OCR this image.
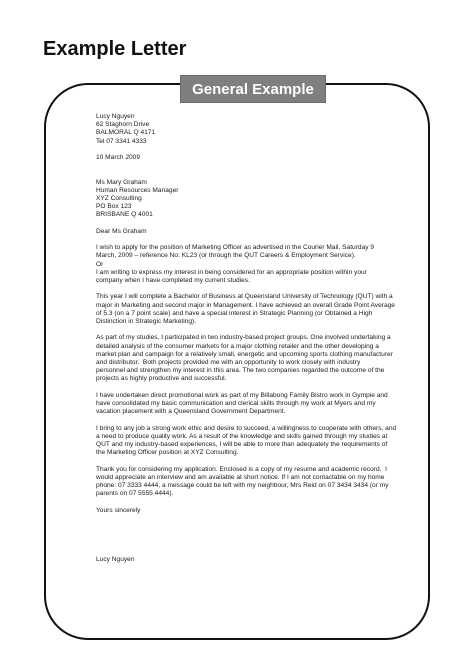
Example Letter
General Example
Lucy Nguyen
62 Staghorn Drive
BALMORAL Q 4171
Tel 07 3341 4333
10 March 2009
Ms Mary Graham
Human Resources Manager
XYZ Consulting
PO Box 123
BRISBANE Q 4001
Dear Ms Graham
I wish to apply for the position of Marketing Officer as advertised in the Courier Mail, Saturday 9
March, 2009 – reference No: KL23 (or through the QUT Careers & Employment Service).
Or
I am writing to express my interest in being considered for an appropriate position within your
company when I have completed my current studies.
This year I will complete a Bachelor of Business at Queensland University of Technology (QUT) with a
major in Marketing and second major in Management. I have achieved an overall Grade Point Average
of 5.3 (on a 7 point scale) and have a special interest in Strategic Planning (or Obtained a High
Distinction in Strategic Marketing).
As part of my studies, I participated in two industry-based project groups. One involved undertaking a
detailed analysis of the consumer markets for a major clothing retailer and the other developing a
market plan and campaign for a relatively small, energetic and upcoming sports clothing manufacturer
and distributor.  Both projects provided me with an opportunity to work closely with industry
personnel and strengthen my interest in this area. The two companies regarded the outcome of the
projects as highly productive and successful.
I have undertaken direct promotional work as part of my Billabong Family Bistro work in Gympie and
have consolidated my basic communication and clerical skills through my work at Myers and my
vacation placement with a Queensland Government Department.
I bring to any job a strong work ethic and desire to succeed, a willingness to cooperate with others, and
a need to produce quality work. As a result of the knowledge and skills gained through my studies at
QUT and my industry-based experiences, I will be able to more than adequately the requirements of
the Marketing Officer position at XYZ Consulting.
Thank you for considering my application. Enclosed is a copy of my resume and academic record.  I
would appreciate an interview and am available at short notice. If I am not contactable on my home
phone: 07 3333 4444, a message could be left with my neighbour, Mrs Reid on 07 3434 3434 (or my
parents on 07 5555 4444).
Yours sincerely
Lucy Nguyen
